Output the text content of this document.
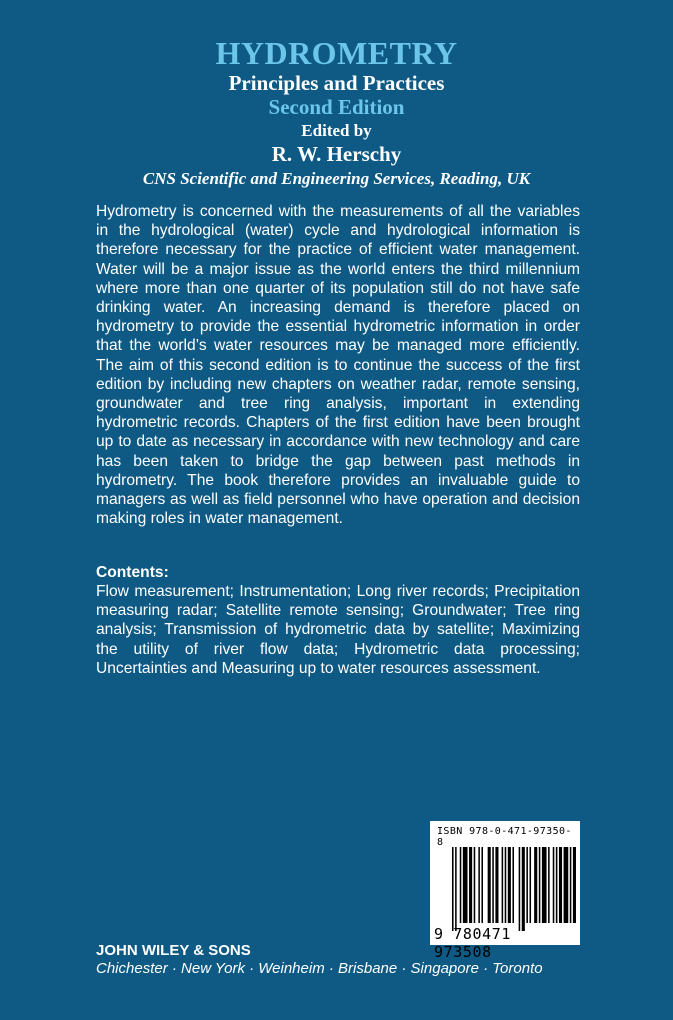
HYDROMETRY
Principles and Practices
Second Edition
Edited by
R. W. Herschy
CNS Scientific and Engineering Services, Reading, UK

Hydrometry is concerned with the measurements of all the variables in the hydrological (water) cycle and hydrological information is therefore necessary for the practice of efficient water management. Water will be a major issue as the world enters the third millennium where more than one quarter of its population still do not have safe drinking water. An increasing demand is therefore placed on hydrometry to provide the essential hydrometric information in order that the world’s water resources may be managed more efficiently. The aim of this second edition is to continue the success of the first edition by including new chapters on weather radar, remote sensing, groundwater and tree ring analysis, important in extending hydrometric records. Chapters of the first edition have been brought up to date as necessary in accordance with new technology and care has been taken to bridge the gap between past methods in hydrometry. The book therefore provides an invaluable guide to managers as well as field personnel who have operation and decision making roles in water management.

Contents:

Flow measurement; Instrumentation; Long river records; Precipitation measuring radar; Satellite remote sensing; Groundwater; Tree ring analysis; Transmission of hydrometric data by satellite; Maximizing the utility of river flow data; Hydrometric data processing; Uncertainties and Measuring up to water resources assessment.

ISBN 978-0-471-97350-8
9 780471 973508

JOHN WILEY & SONS

Chichester · New York · Weinheim · Brisbane · Singapore · Toronto
